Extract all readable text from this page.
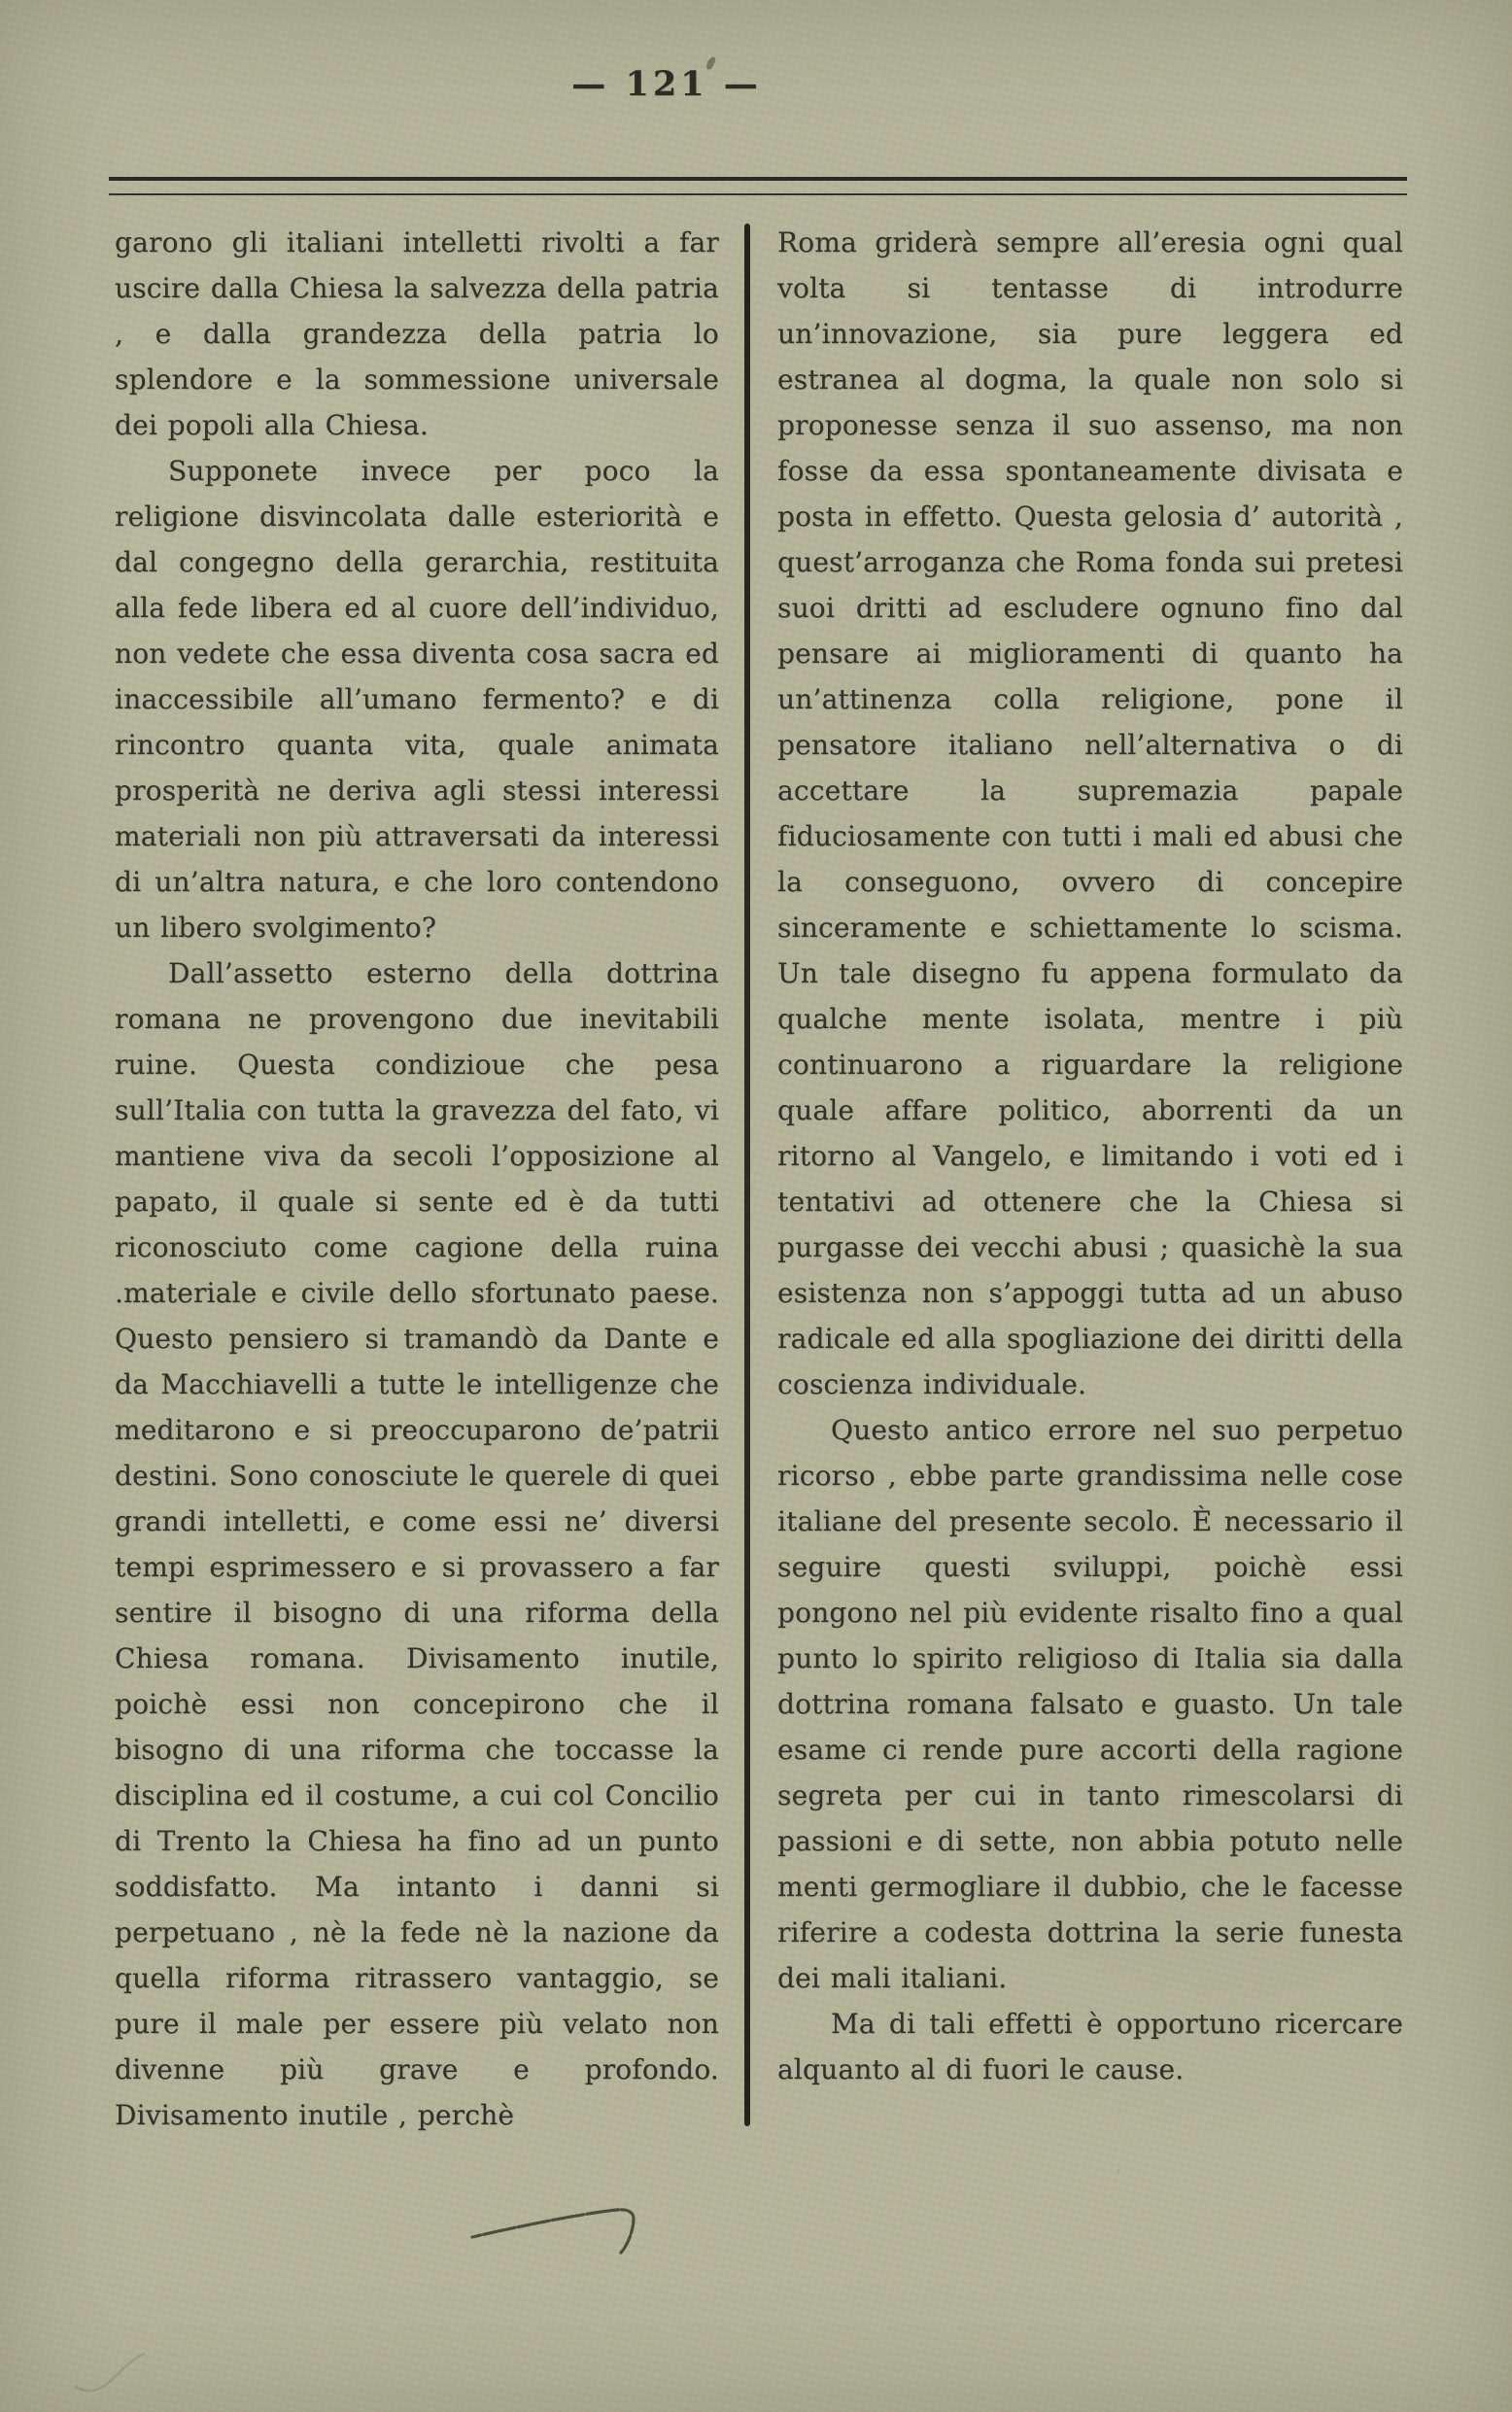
— 121 —

garono gli italiani intelletti rivolti a far uscire dalla Chiesa la salvezza della patria , e dalla grandezza della patria lo splendore e la sommessione universale dei popoli alla Chiesa.

Supponete invece per poco la religione disvincolata dalle esteriorità e dal congegno della gerarchia, restituita alla fede libera ed al cuore dell’individuo, non vedete che essa diventa cosa sacra ed inaccessibile all’umano fermento? e di rincontro quanta vita, quale animata prosperità ne deriva agli stessi interessi materiali non più attraversati da interessi di un’altra natura, e che loro contendono un libero svolgimento?

Dall’assetto esterno della dottrina romana ne provengono due inevitabili ruine. Questa condizioue che pesa sull’Italia con tutta la gravezza del fato, vi mantiene viva da secoli l’opposizione al papato, il quale si sente ed è da tutti riconosciuto come cagione della ruina .materiale e civile dello sfortunato paese. Questo pensiero si tramandò da Dante e da Macchiavelli a tutte le intelligenze che meditarono e si preoccuparono de’patrii destini. Sono conosciute le querele di quei grandi intelletti, e come essi ne’ diversi tempi esprimessero e si provassero a far sentire il bisogno di una riforma della Chiesa romana. Divisamento inutile, poichè essi non concepirono che il bisogno di una riforma che toccasse la disciplina ed il costume, a cui col Concilio di Trento la Chiesa ha fino ad un punto soddisfatto. Ma intanto i danni si perpetuano , nè la fede nè la nazione da quella riforma ritrassero vantaggio, se pure il male per essere più velato non divenne più grave e profondo. Divisamento inutile , perchè

Roma griderà sempre all’eresia ogni qual volta si tentasse di introdurre un’innovazione, sia pure leggera ed estranea al dogma, la quale non solo si proponesse senza il suo assenso, ma non fosse da essa spontaneamente divisata e posta in effetto. Questa gelosia d’ autorità , quest’arroganza che Roma fonda sui pretesi suoi dritti ad escludere ognuno fino dal pensare ai miglioramenti di quanto ha un’attinenza colla religione, pone il pensatore italiano nell’alternativa o di accettare la supremazia papale fiduciosamente con tutti i mali ed abusi che la conseguono, ovvero di concepire sinceramente e schiettamente lo scisma. Un tale disegno fu appena formulato da qualche mente isolata, mentre i più continuarono a riguardare la religione quale affare politico, aborrenti da un ritorno al Vangelo, e limitando i voti ed i tentativi ad ottenere che la Chiesa si purgasse dei vecchi abusi ; quasichè la sua esistenza non s’appoggi tutta ad un abuso radicale ed alla spogliazione dei diritti della coscienza individuale.

Questo antico errore nel suo perpetuo ricorso , ebbe parte grandissima nelle cose italiane del presente secolo. È necessario il seguire questi sviluppi, poichè essi pongono nel più evidente risalto fino a qual punto lo spirito religioso di Italia sia dalla dottrina romana falsato e guasto. Un tale esame ci rende pure accorti della ragione segreta per cui in tanto rimescolarsi di passioni e di sette, non abbia potuto nelle menti germogliare il dubbio, che le facesse riferire a codesta dottrina la serie funesta dei mali italiani.

Ma di tali effetti è opportuno ricercare alquanto al di fuori le cause.
